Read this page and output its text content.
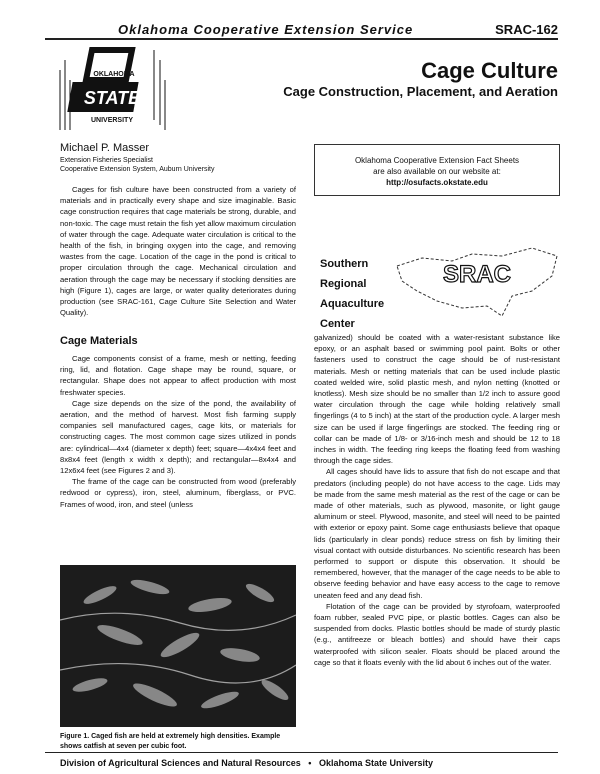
Oklahoma Cooperative Extension Service	SRAC-162
OKLAHOMA
STATE
UNIVERSITY
Cage Culture
Cage Construction, Placement, and Aeration
Michael P. Masser
Extension Fisheries Specialist
Cooperative Extension System, Auburn University

Cages for fish culture have been constructed from a variety of materials and in practically every shape and size imaginable. Basic cage construction requires that cage materials be strong, durable, and non-toxic. The cage must retain the fish yet allow maximum circulation of water through the cage. Adequate water circulation is critical to the health of the fish, in bringing oxygen into the cage, and removing wastes from the cage. Location of the cage in the pond is critical to proper circulation through the cage. Mechanical circulation and aeration through the cage may be necessary if stocking densities are high (Figure 1), cages are large, or water quality deteriorates during production (see SRAC-161, Cage Culture Site Selection and Water Quality).

Cage Materials

Cage components consist of a frame, mesh or netting, feeding ring, lid, and flotation. Cage shape may be round, square, or rectangular. Shape does not appear to affect production with most freshwater species.

Cage size depends on the size of the pond, the availability of aeration, and the method of harvest. Most fish farming supply companies sell manufactured cages, cage kits, or materials for constructing cages. The most common cage sizes utilized in ponds are: cylindrical—4x4 (diameter x depth) feet; square—4x4x4 feet and 8x8x4 feet (length x width x depth); and rectangular—8x4x4 and 12x6x4 feet (see Figures 2 and 3).

The frame of the cage can be constructed from wood (preferably redwood or cypress), iron, steel, aluminum, fiberglass, or PVC. Frames of wood, iron, and steel (unless

Figure 1. Caged fish are held at extremely high densities. Example shows catfish at seven per cubic foot.
Oklahoma Cooperative Extension Fact Sheets
are also available on our website at:
http://osufacts.okstate.edu
Southern
Regional
Aquaculture
Center
SRAC

galvanized) should be coated with a water-resistant substance like epoxy, or an asphalt based or swimming pool paint. Bolts or other fasteners used to construct the cage should be of rust-resistant materials. Mesh or netting materials that can be used include plastic coated welded wire, solid plastic mesh, and nylon netting (knotted or knotless). Mesh size should be no smaller than 1/2 inch to assure good water circulation through the cage while holding relatively small fingerlings (4 to 5 inch) at the start of the production cycle. A larger mesh size can be used if large fingerlings are stocked. The feeding ring or collar can be made of 1/8- or 3/16-inch mesh and should be 12 to 18 inches in width. The feeding ring keeps the floating feed from washing through the cage sides.

All cages should have lids to assure that fish do not escape and that predators (including people) do not have access to the cage. Lids may be made from the same mesh material as the rest of the cage or can be made of other materials, such as plywood, masonite, or light gauge aluminum or steel. Plywood, masonite, and steel will need to be painted with exterior or epoxy paint. Some cage enthusiasts believe that opaque lids (particularly in clear ponds) reduce stress on fish by limiting their visual contact with outside disturbances. No scientific research has been performed to support or dispute this observation. It should be remembered, however, that the manager of the cage needs to be able to observe feeding behavior and have easy access to the cage to remove uneaten feed and any dead fish.

Flotation of the cage can be provided by styrofoam, waterproofed foam rubber, sealed PVC pipe, or plastic bottles. Cages can also be suspended from docks. Plastic bottles should be made of sturdy plastic (e.g., antifreeze or bleach bottles) and should have their caps waterproofed with silicon sealer. Floats should be placed around the cage so that it floats evenly with the lid about 6 inches out of the water.

Division of Agricultural Sciences and Natural Resources • Oklahoma State University
